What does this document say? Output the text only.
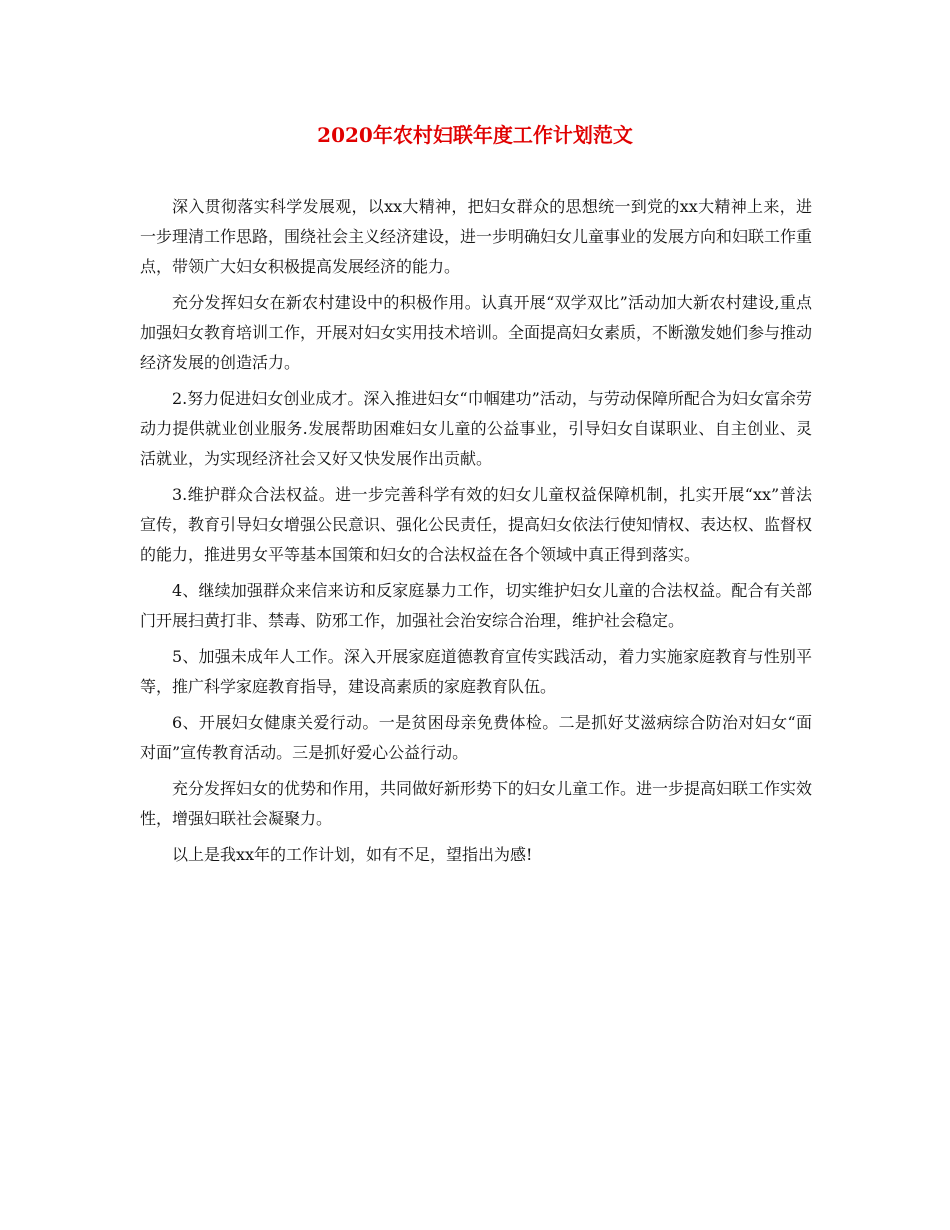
2020年农村妇联年度工作计划范文

深入贯彻落实科学发展观，以xx大精神，把妇女群众的思想统一到党的xx大精神上来，进一步理清工作思路，围绕社会主义经济建设，进一步明确妇女儿童事业的发展方向和妇联工作重点，带领广大妇女积极提高发展经济的能力。

充分发挥妇女在新农村建设中的积极作用。认真开展“双学双比”活动加大新农村建设,重点加强妇女教育培训工作，开展对妇女实用技术培训。全面提高妇女素质，不断激发她们参与推动经济发展的创造活力。

2.努力促进妇女创业成才。深入推进妇女“巾帼建功”活动，与劳动保障所配合为妇女富余劳动力提供就业创业服务.发展帮助困难妇女儿童的公益事业，引导妇女自谋职业、自主创业、灵活就业，为实现经济社会又好又快发展作出贡献。

3.维护群众合法权益。进一步完善科学有效的妇女儿童权益保障机制，扎实开展“xx”普法宣传，教育引导妇女增强公民意识、强化公民责任，提高妇女依法行使知情权、表达权、监督权的能力，推进男女平等基本国策和妇女的合法权益在各个领域中真正得到落实。

4、继续加强群众来信来访和反家庭暴力工作，切实维护妇女儿童的合法权益。配合有关部门开展扫黄打非、禁毒、防邪工作，加强社会治安综合治理，维护社会稳定。

5、加强未成年人工作。深入开展家庭道德教育宣传实践活动，着力实施家庭教育与性别平等，推广科学家庭教育指导，建设高素质的家庭教育队伍。

6、开展妇女健康关爱行动。一是贫困母亲免费体检。二是抓好艾滋病综合防治对妇女“面对面”宣传教育活动。三是抓好爱心公益行动。

充分发挥妇女的优势和作用，共同做好新形势下的妇女儿童工作。进一步提高妇联工作实效性，增强妇联社会凝聚力。

以上是我xx年的工作计划，如有不足，望指出为感!
